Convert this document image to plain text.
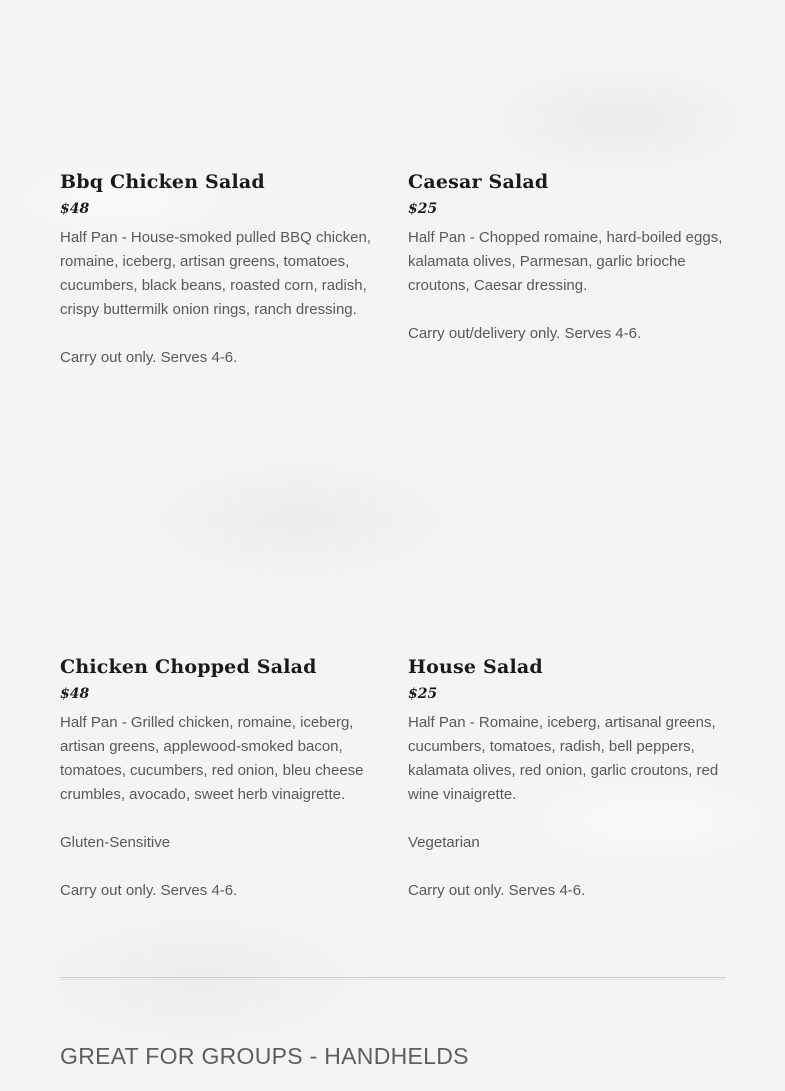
Bbq Chicken Salad

$48

Half Pan - House-smoked pulled BBQ chicken, romaine, iceberg, artisan greens, tomatoes, cucumbers, black beans, roasted corn, radish, crispy buttermilk onion rings, ranch dressing.

Carry out only. Serves 4-6.

Caesar Salad

$25

Half Pan - Chopped romaine, hard-boiled eggs, kalamata olives, Parmesan, garlic brioche croutons, Caesar dressing.

Carry out/delivery only. Serves 4-6.

Chicken Chopped Salad

$48

Half Pan - Grilled chicken, romaine, iceberg, artisan greens, applewood-smoked bacon, tomatoes, cucumbers, red onion, bleu cheese crumbles, avocado, sweet herb vinaigrette.

Gluten-Sensitive

Carry out only. Serves 4-6.

House Salad

$25

Half Pan - Romaine, iceberg, artisanal greens, cucumbers, tomatoes, radish, bell peppers, kalamata olives, red onion, garlic croutons, red wine vinaigrette.

Vegetarian

Carry out only. Serves 4-6.

GREAT FOR GROUPS - HANDHELDS
